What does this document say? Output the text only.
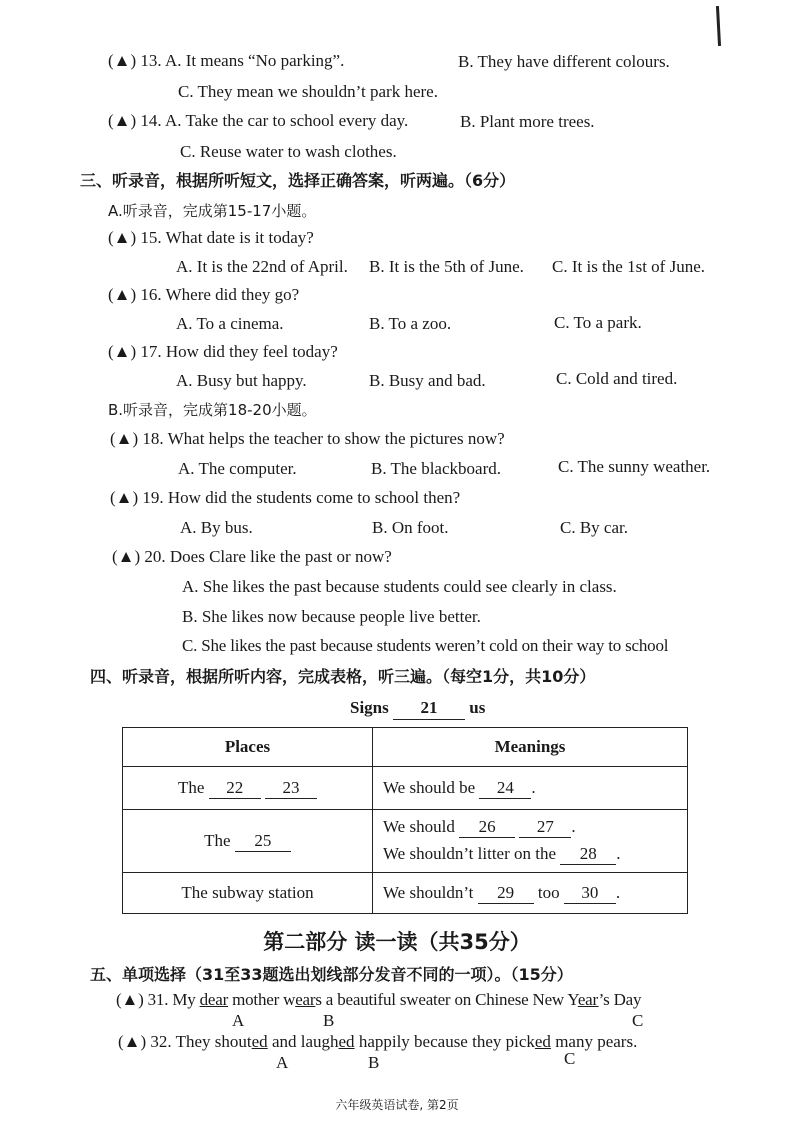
(▲) 13. A. It means “No parking”.	B. They have different colours.
C. They mean we shouldn’t park here.
(▲) 14. A. Take the car to school every day.	B. Plant more trees.
C. Reuse water to wash clothes.
三、听录音，根据所听短文，选择正确答案，听两遍。（6分）
A.听录音，完成第15-17小题。
(▲) 15. What date is it today?
A. It is the 22nd of April. B. It is the 5th of June. C. It is the 1st of June.
(▲) 16. Where did they go?
A. To a cinema.	B. To a zoo.	C. To a park.
(▲) 17. How did they feel today?
A. Busy but happy.	B. Busy and bad.	C. Cold and tired.
B.听录音，完成第18-20小题。
(▲) 18. What helps the teacher to show the pictures now?
A. The computer.	B. The blackboard.	C. The sunny weather.
(▲) 19. How did the students come to school then?
A. By bus.	B. On foot.	C. By car.
(▲) 20. Does Clare like the past or now?
A. She likes the past because students could see clearly in class.
B. She likes now because people live better.
C. She likes the past because students weren’t cold on their way to school
四、听录音，根据所听内容，完成表格，听三遍。（每空1分，共10分）
Signs 21 us
Places	Meanings
The 22 23	We should be 24 .
The 25	We should 26 27 .
We shouldn’t litter on the 28 .

The subway station	We shouldn’t 29 too 30 .
第二部分 读一读（共35分）
五、单项选择（31至33题选出划线部分发音不同的一项）。（15分）
(▲) 31. My dear mother wears a beautiful sweater on Chinese New Year’s Day
A	B	C
(▲) 32. They shouted and laughed happily because they picked many pears.
A	B	C
六年级英语试卷, 第2页
